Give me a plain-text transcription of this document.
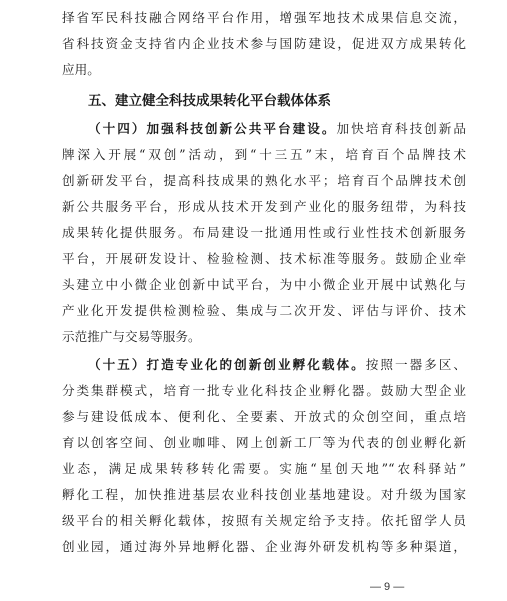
择省军民科技融合网络平台作用，增强军地技术成果信息交流，
省科技资金支持省内企业技术参与国防建设，促进双方成果转化
应用。
五、建立健全科技成果转化平台载体体系
（十四）加强科技创新公共平台建设。加快培育科技创新品
牌深入开展“双创”活动，到“十三五”末，培育百个品牌技术
创新研发平台，提高科技成果的熟化水平；培育百个品牌技术创
新公共服务平台，形成从技术开发到产业化的服务纽带，为科技
成果转化提供服务。布局建设一批通用性或行业性技术创新服务
平台，开展研发设计、检验检测、技术标准等服务。鼓励企业牵
头建立中小微企业创新中试平台，为中小微企业开展中试熟化与
产业化开发提供检测检验、集成与二次开发、评估与评价、技术
示范推广与交易等服务。
（十五）打造专业化的创新创业孵化载体。按照一器多区、
分类集群模式，培育一批专业化科技企业孵化器。鼓励大型企业
参与建设低成本、便利化、全要素、开放式的众创空间，重点培
育以创客空间、创业咖啡、网上创新工厂等为代表的创业孵化新
业态，满足成果转移转化需要。实施“星创天地”“农科驿站”
孵化工程，加快推进基层农业科技创业基地建设。对升级为国家
级平台的相关孵化载体，按照有关规定给予支持。依托留学人员
创业园，通过海外异地孵化器、企业海外研发机构等多种渠道，
— 9 —
